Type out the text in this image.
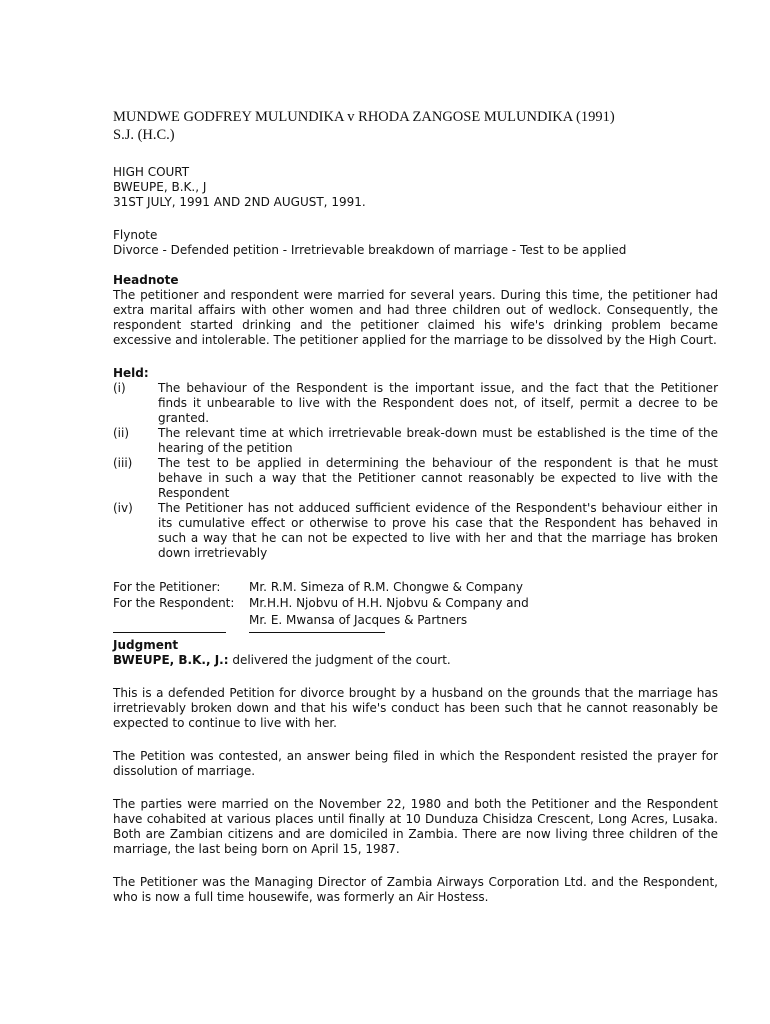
MUNDWE GODFREY MULUNDIKA v RHODA ZANGOSE MULUNDIKA (1991)

S.J. (H.C.)

HIGH COURT

BWEUPE, B.K., J

31ST JULY, 1991 AND 2ND AUGUST, 1991.

Flynote

Divorce - Defended petition - Irretrievable breakdown of marriage - Test to be applied

Headnote

The petitioner and respondent were married for several years. During this time, the petitioner had extra marital affairs with other women and had three children out of wedlock. Consequently, the respondent started drinking and the petitioner claimed his wife's drinking problem became excessive and intolerable. The petitioner applied for the marriage to be dissolved by the High Court.

Held:

(i)	The behaviour of the Respondent is the important issue, and the fact that the Petitioner finds it unbearable to live with the Respondent does not, of itself, permit a decree to be granted.
(ii)	The relevant time at which irretrievable break-down must be established is the time of the hearing of the petition
(iii)	The test to be applied in determining the behaviour of the respondent is that he must behave in such a way that the Petitioner cannot reasonably be expected to live with the Respondent
(iv)	The Petitioner has not adduced sufficient evidence of the Respondent's behaviour either in its cumulative effect or otherwise to prove his case that the Respondent has behaved in such a way that he can not be expected to live with her and that the marriage has broken down irretrievably
For the Petitioner:	Mr. R.M. Simeza of R.M. Chongwe & Company
For the Respondent:	Mr.H.H. Njobvu of H.H. Njobvu & Company and
Mr. E. Mwansa of Jacques & Partners

Judgment

BWEUPE, B.K., J.: delivered the judgment of the court.

This is a defended Petition for divorce brought by a husband on the grounds that the marriage has irretrievably broken down and that his wife's conduct has been such that he cannot reasonably be expected to continue to live with her.

The Petition was contested, an answer being filed in which the Respondent resisted the prayer for dissolution of marriage.

The parties were married on the November 22, 1980 and both the Petitioner and the Respondent have cohabited at various places until finally at 10 Dunduza Chisidza Crescent, Long Acres, Lusaka. Both are Zambian citizens and are domiciled in Zambia. There are now living three children of the marriage, the last being born on April 15, 1987.

The Petitioner was the Managing Director of Zambia Airways Corporation Ltd. and the Respondent, who is now a full time housewife, was formerly an Air Hostess.
